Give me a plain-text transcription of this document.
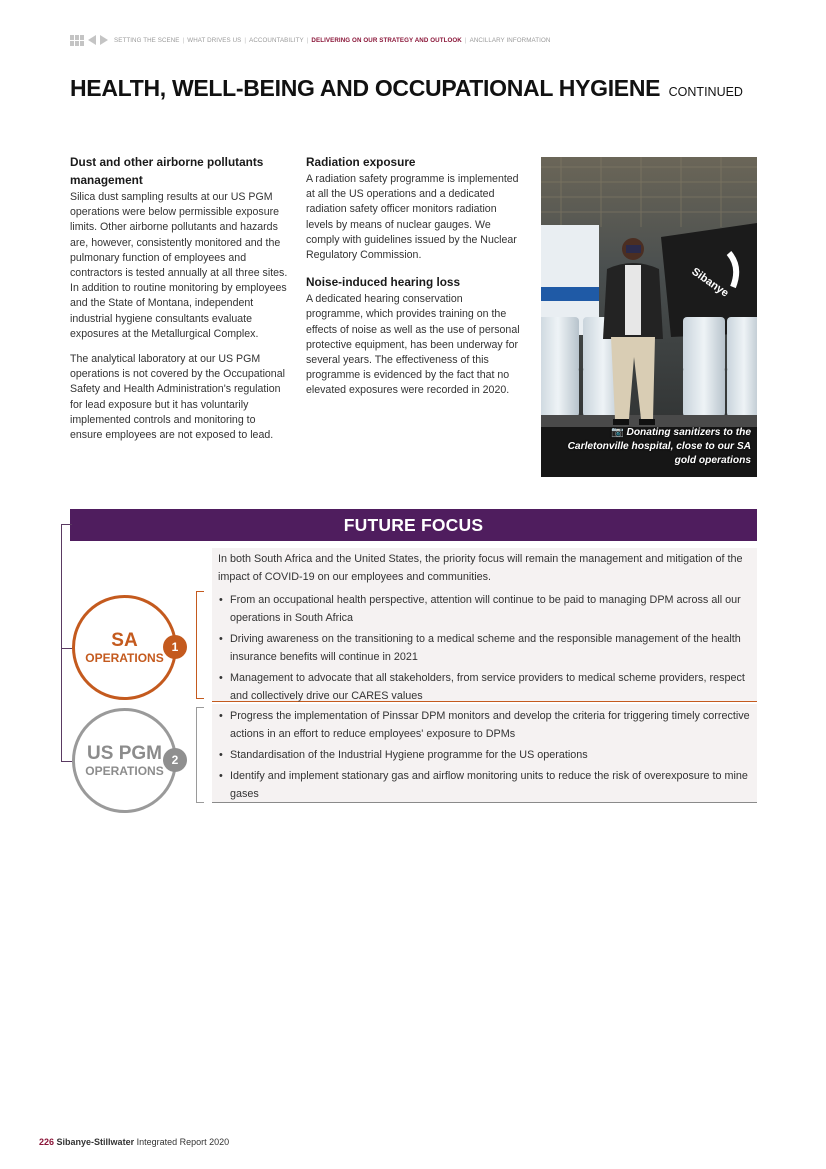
SETTING THE SCENE | WHAT DRIVES US | ACCOUNTABILITY | DELIVERING ON OUR STRATEGY AND OUTLOOK | ANCILLARY INFORMATION
HEALTH, WELL-BEING AND OCCUPATIONAL HYGIENE CONTINUED
Dust and other airborne pollutants management

Silica dust sampling results at our US PGM operations were below permissible exposure limits. Other airborne pollutants and hazards are, however, consistently monitored and the pulmonary function of employees and contractors is tested annually at all three sites. In addition to routine monitoring by employees and the State of Montana, independent industrial hygiene consultants evaluate exposures at the Metallurgical Complex.

The analytical laboratory at our US PGM operations is not covered by the Occupational Safety and Health Administration's regulation for lead exposure but it has voluntarily implemented controls and monitoring to ensure employees are not exposed to lead.

Radiation exposure

A radiation safety programme is implemented at all the US operations and a dedicated radiation safety officer monitors radiation levels by means of nuclear gauges. We comply with guidelines issued by the Nuclear Regulatory Commission.

Noise-induced hearing loss

A dedicated hearing conservation programme, which provides training on the effects of noise as well as the use of personal protective equipment, has been underway for several years. The effectiveness of this programme is evidenced by the fact that no elevated exposures were recorded in 2020.

Sibanye
📷 Donating sanitizers to the Carletonville hospital, close to our SA gold operations
FUTURE FOCUS
In both South Africa and the United States, the priority focus will remain the management and mitigation of the impact of COVID-19 on our employees and communities.
• From an occupational health perspective, attention will continue to be paid to managing DPM across all our operations in South Africa
• Driving awareness on the transitioning to a medical scheme and the responsible management of the health insurance benefits will continue in 2021
• Management to advocate that all stakeholders, from service providers to medical scheme providers, respect and collectively drive our CARES values
• Progress the implementation of Pinssar DPM monitors and develop the criteria for triggering timely corrective actions in an effort to reduce employees' exposure to DPMs
• Standardisation of the Industrial Hygiene programme for the US operations
• Identify and implement stationary gas and airflow monitoring units to reduce the risk of overexposure to mine gases
SA
OPERATIONS
1
US PGM
OPERATIONS
2
226 Sibanye-Stillwater Integrated Report 2020
